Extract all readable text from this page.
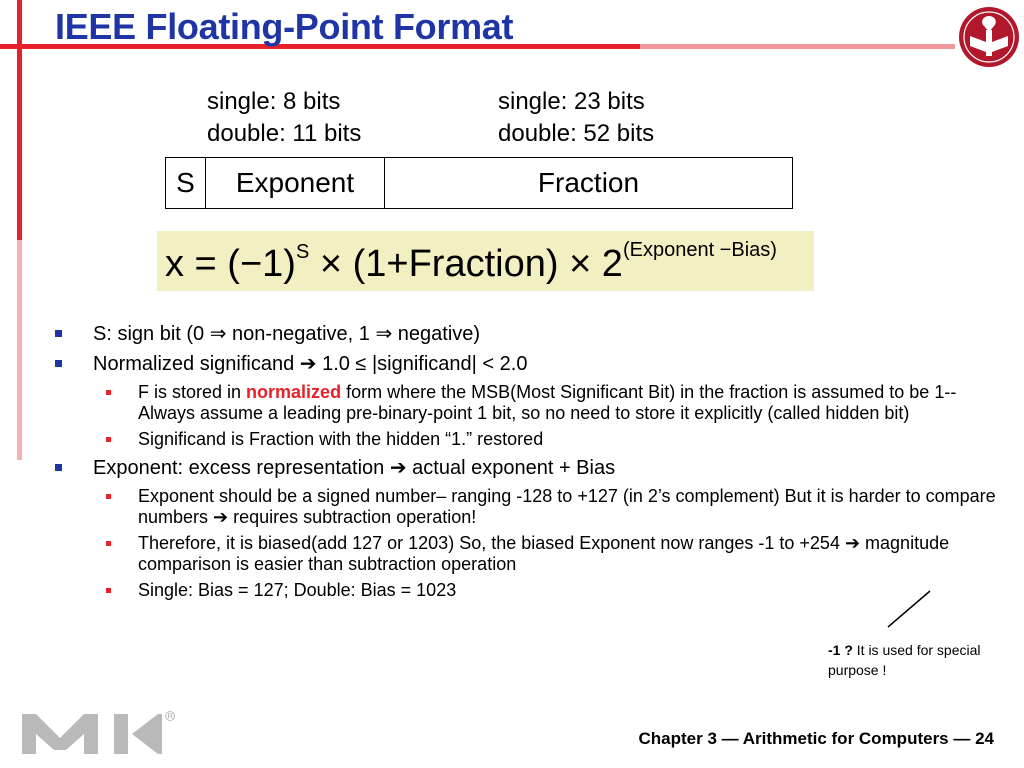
IEEE Floating-Point Format
single: 8 bits
double: 11 bits
single: 23 bits
double: 52 bits
S	Exponent	Fraction
$x = (-1)^S$ × (1+Fraction) × $2^{(Exponent -Bias)}$
S: sign bit (0 ⇒ non-negative, 1 ⇒ negative)
Normalized significand ➔ 1.0 ≤ |significand| < 2.0
F is stored in normalized form where the MSB(Most Significant Bit) in the fraction is assumed to be 1--Always assume a leading pre-binary-point 1 bit, so no need to store it explicitly (called hidden bit)
Significand is Fraction with the hidden “1.” restored
Exponent: excess representation ➔ actual exponent + Bias
Exponent should be a signed number– ranging -128 to +127 (in 2’s complement) But it is harder to compare numbers ➔ requires subtraction operation!
Therefore, it is biased(add 127 or 1203) So, the biased Exponent now ranges -1 to +254 ➔ magnitude comparison is easier than subtraction operation
Single: Bias = 127; Double: Bias = 1023
-1 ? It is used for special purpose !
Chapter 3 — Arithmetic for Computers — 24
